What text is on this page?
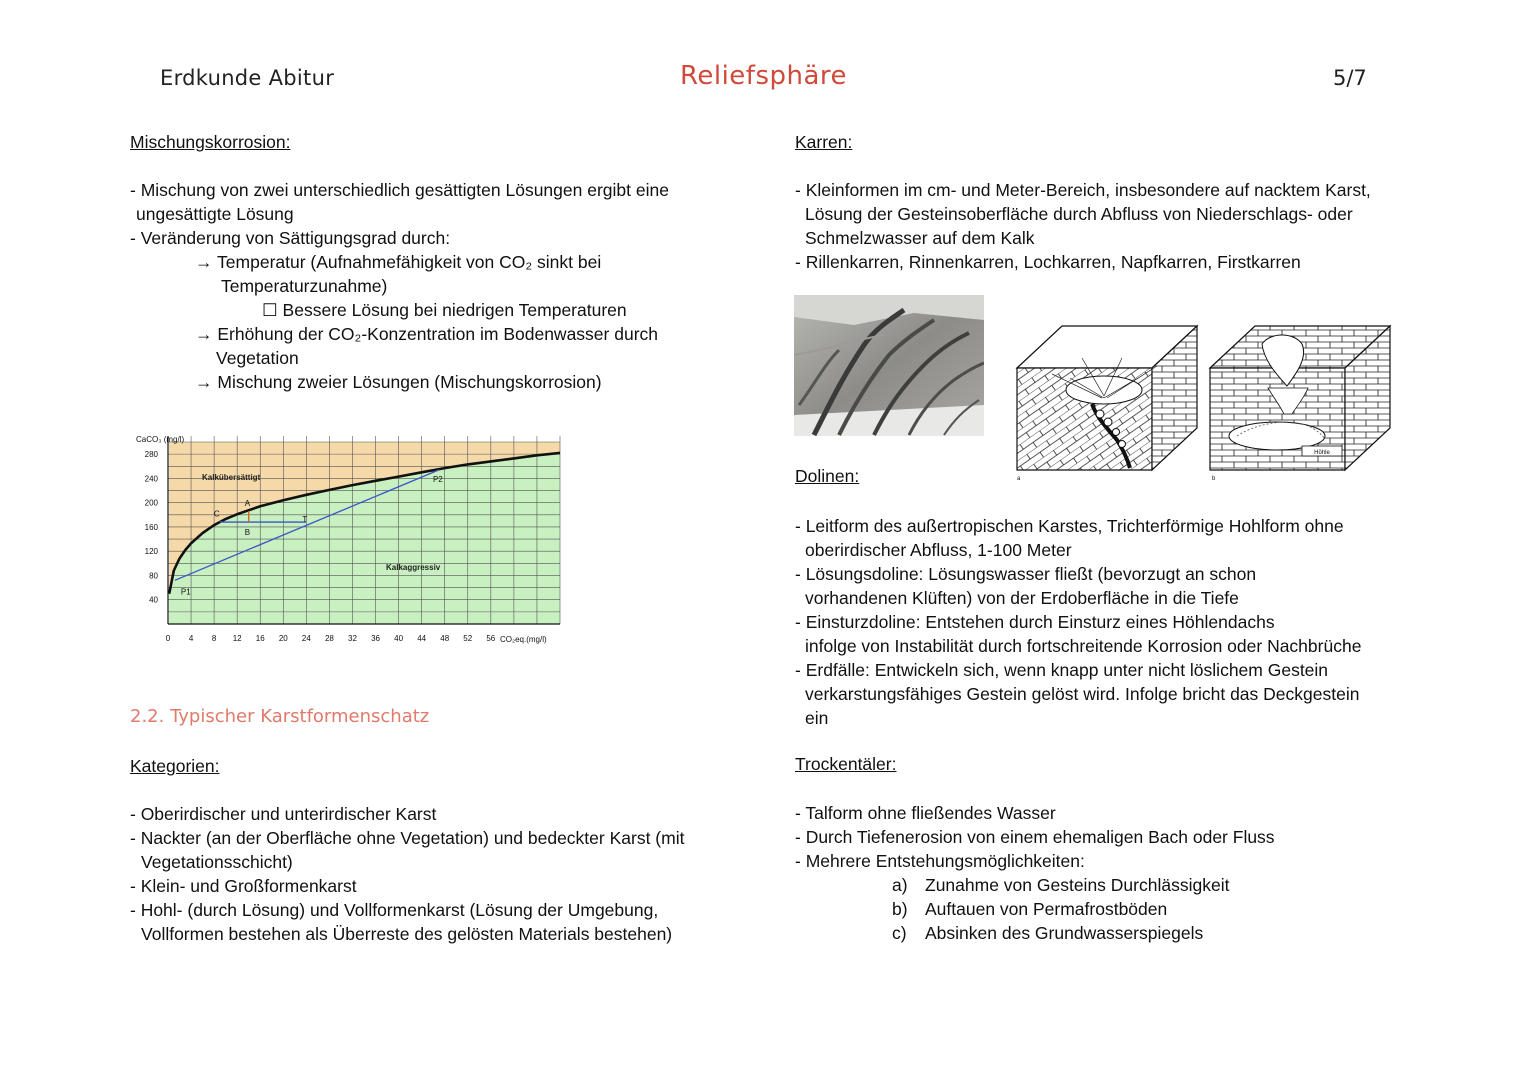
Erdkunde Abitur	Reliefsphäre	5/7
Mischungskorrosion:
- Mischung von zwei unterschiedlich gesättigten Lösungen ergibt eine
ungesättigte Lösung
- Veränderung von Sättigungsgrad durch:
→ Temperatur (Aufnahmefähigkeit von CO₂ sinkt bei
Temperaturzunahme)
☐ Bessere Lösung bei niedrigen Temperaturen
→ Erhöhung der CO₂-Konzentration im Bodenwasser durch
Vegetation
→ Mischung zweier Lösungen (Mischungskorrosion)
P1
P2
T
A
B
C
Kalkübersättigt
Kalkaggressiv
0 4 8 12 16 20 24 28 32 36 40 44 48 52 56
40
80
120
160
200
240
280
CaCO₃ (mg/l)
CO₂eq.(mg/l)
2.2. Typischer Karstformenschatz
Kategorien:
- Oberirdischer und unterirdischer Karst
- Nackter (an der Oberfläche ohne Vegetation) und bedeckter Karst (mit
Vegetationsschicht)
- Klein- und Großformenkarst
- Hohl- (durch Lösung) und Vollformenkarst (Lösung der Umgebung,
Vollformen bestehen als Überreste des gelösten Materials bestehen)
Karren:
- Kleinformen im cm- und Meter-Bereich, insbesondere auf nacktem Karst,
Lösung der Gesteinsoberfläche durch Abfluss von Niederschlags- oder
Schmelzwasser auf dem Kalk
- Rillenkarren, Rinnenkarren, Lochkarren, Napfkarren, Firstkarren
Höhle
a	b
Dolinen:
- Leitform des außertropischen Karstes, Trichterförmige Hohlform ohne
oberirdischer Abfluss, 1-100 Meter
- Lösungsdoline: Lösungswasser fließt (bevorzugt an schon
vorhandenen Klüften) von der Erdoberfläche in die Tiefe
- Einsturzdoline: Entstehen durch Einsturz eines Höhlendachs
infolge von Instabilität durch fortschreitende Korrosion oder Nachbrüche
- Erdfälle: Entwickeln sich, wenn knapp unter nicht löslichem Gestein
verkarstungsfähiges Gestein gelöst wird. Infolge bricht das Deckgestein
ein
Trockentäler:
- Talform ohne fließendes Wasser
- Durch Tiefenerosion von einem ehemaligen Bach oder Fluss
- Mehrere Entstehungsmöglichkeiten:
a) Zunahme von Gesteins Durchlässigkeit
b) Auftauen von Permafrostböden
c) Absinken des Grundwasserspiegels
